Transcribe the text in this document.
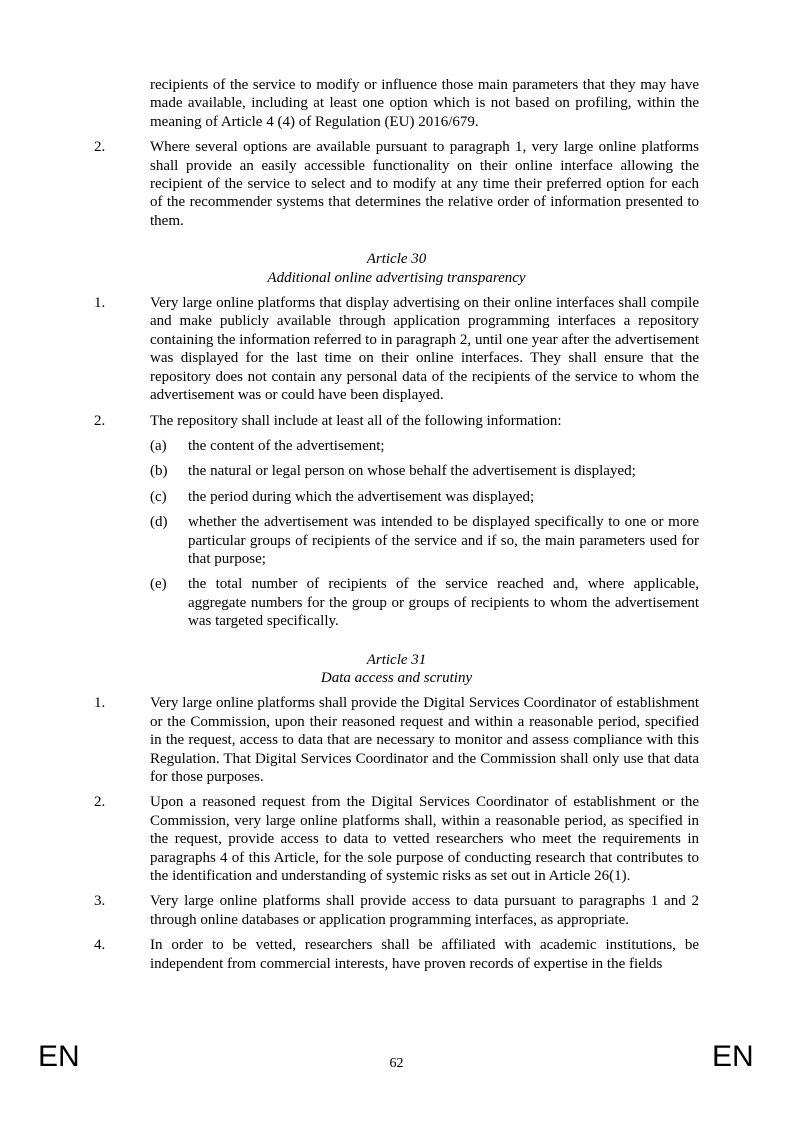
recipients of the service to modify or influence those main parameters that they may have made available, including at least one option which is not based on profiling, within the meaning of Article 4 (4) of Regulation (EU) 2016/679.
2.	Where several options are available pursuant to paragraph 1, very large online platforms shall provide an easily accessible functionality on their online interface allowing the recipient of the service to select and to modify at any time their preferred option for each of the recommender systems that determines the relative order of information presented to them.
Article 30
Additional online advertising transparency
1.	Very large online platforms that display advertising on their online interfaces shall compile and make publicly available through application programming interfaces a repository containing the information referred to in paragraph 2, until one year after the advertisement was displayed for the last time on their online interfaces. They shall ensure that the repository does not contain any personal data of the recipients of the service to whom the advertisement was or could have been displayed.
2.	The repository shall include at least all of the following information:
(a)	the content of the advertisement;
(b)	the natural or legal person on whose behalf the advertisement is displayed;
(c)	the period during which the advertisement was displayed;
(d)	whether the advertisement was intended to be displayed specifically to one or more particular groups of recipients of the service and if so, the main parameters used for that purpose;
(e)	the total number of recipients of the service reached and, where applicable, aggregate numbers for the group or groups of recipients to whom the advertisement was targeted specifically.
Article 31
Data access and scrutiny
1.	Very large online platforms shall provide the Digital Services Coordinator of establishment or the Commission, upon their reasoned request and within a reasonable period, specified in the request, access to data that are necessary to monitor and assess compliance with this Regulation. That Digital Services Coordinator and the Commission shall only use that data for those purposes.
2.	Upon a reasoned request from the Digital Services Coordinator of establishment or the Commission, very large online platforms shall, within a reasonable period, as specified in the request, provide access to data to vetted researchers who meet the requirements in paragraphs 4 of this Article, for the sole purpose of conducting research that contributes to the identification and understanding of systemic risks as set out in Article 26(1).
3.	Very large online platforms shall provide access to data pursuant to paragraphs 1 and 2 through online databases or application programming interfaces, as appropriate.
4.	In order to be vetted, researchers shall be affiliated with academic institutions, be independent from commercial interests, have proven records of expertise in the fields
EN	62	EN
